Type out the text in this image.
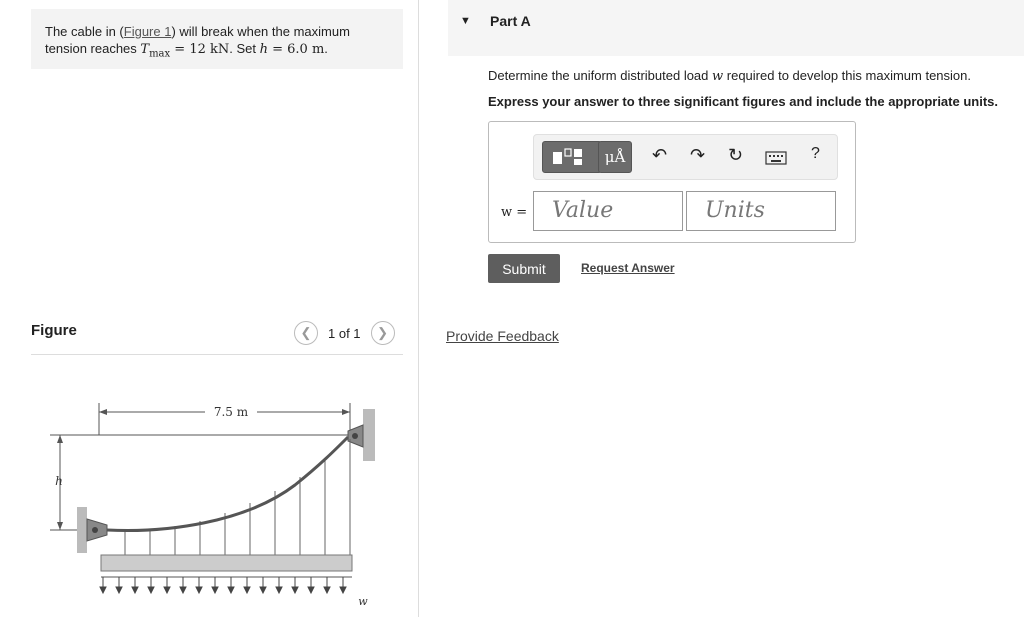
The cable in (Figure 1) will break when the maximum
tension reaches $T_{max} = 12$ kN. Set h = 6.0 m.
Figure	❮	1 of 1	❯
7.5 m
h
w
▼ Part A
Determine the uniform distributed load w required to develop this maximum tension.
Express your answer to three significant figures and include the appropriate units.
μÅ	↶ ↷ ↻	?
w =	Value	Units
Submit	Request Answer
Provide Feedback
